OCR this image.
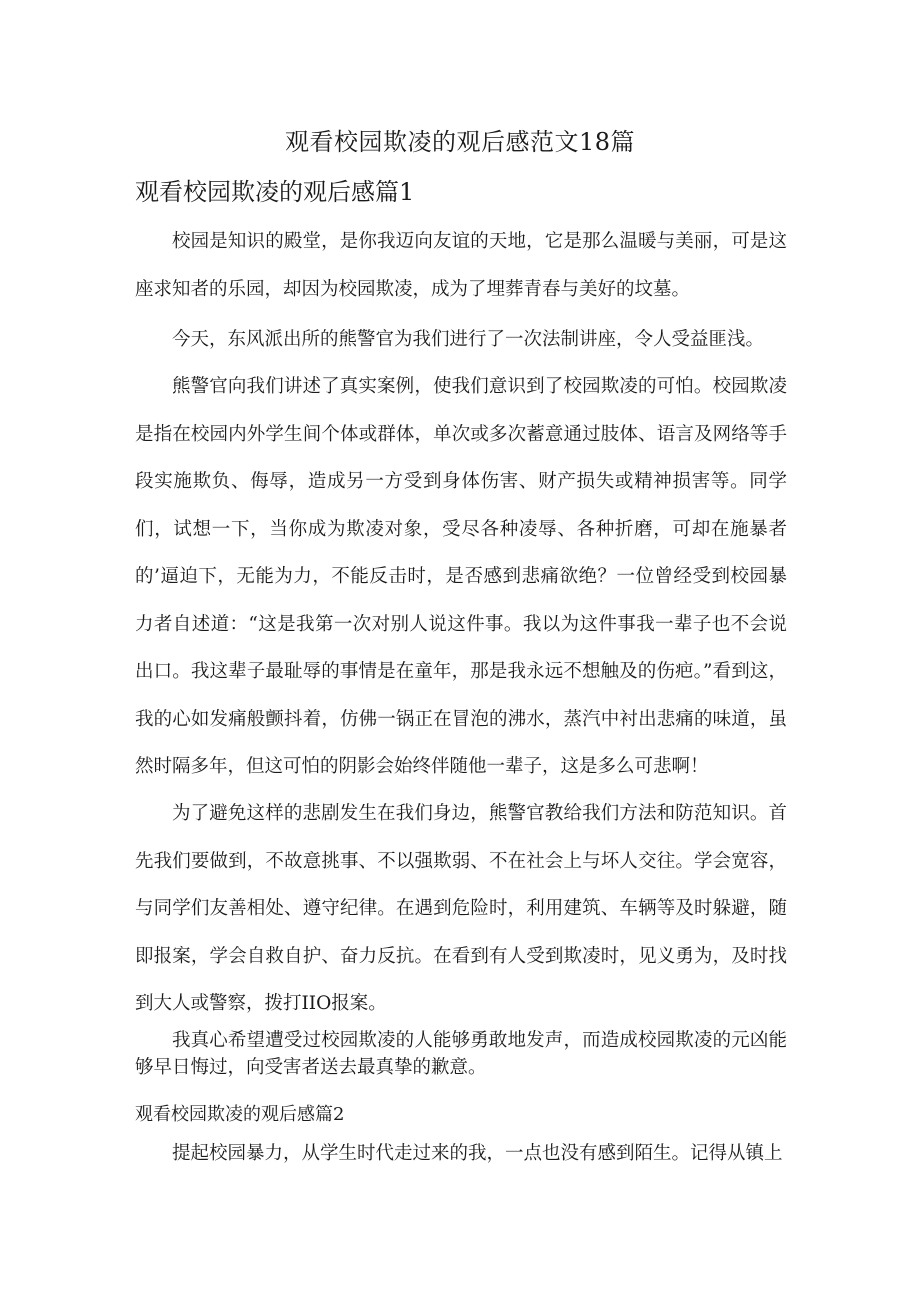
观看校园欺凌的观后感范文18篇
观看校园欺凌的观后感篇1

校园是知识的殿堂，是你我迈向友谊的天地，它是那么温暖与美丽，可是这座求知者的乐园，却因为校园欺凌，成为了埋葬青春与美好的坟墓。

今天，东风派出所的熊警官为我们进行了一次法制讲座，令人受益匪浅。

熊警官向我们讲述了真实案例，使我们意识到了校园欺凌的可怕。校园欺凌是指在校园内外学生间个体或群体，单次或多次蓄意通过肢体、语言及网络等手段实施欺负、侮辱，造成另一方受到身体伤害、财产损失或精神损害等。同学们，试想一下，当你成为欺凌对象，受尽各种凌辱、各种折磨，可却在施暴者的’逼迫下，无能为力，不能反击时，是否感到悲痛欲绝？一位曾经受到校园暴力者自述道：“这是我第一次对别人说这件事。我以为这件事我一辈子也不会说出口。我这辈子最耻辱的事情是在童年，那是我永远不想触及的伤疤。”看到这，我的心如发痛般颤抖着，仿佛一锅正在冒泡的沸水，蒸汽中衬出悲痛的味道，虽然时隔多年，但这可怕的阴影会始终伴随他一辈子，这是多么可悲啊！

为了避免这样的悲剧发生在我们身边，熊警官教给我们方法和防范知识。首先我们要做到，不故意挑事、不以强欺弱、不在社会上与坏人交往。学会宽容，与同学们友善相处、遵守纪律。在遇到危险时，利用建筑、车辆等及时躲避，随即报案，学会自救自护、奋力反抗。在看到有人受到欺凌时，见义勇为，及时找到大人或警察，拨打IIO报案。

我真心希望遭受过校园欺凌的人能够勇敢地发声，而造成校园欺凌的元凶能够早日悔过，向受害者送去最真挚的歉意。

观看校园欺凌的观后感篇2

提起校园暴力，从学生时代走过来的我，一点也没有感到陌生。记得从镇上
